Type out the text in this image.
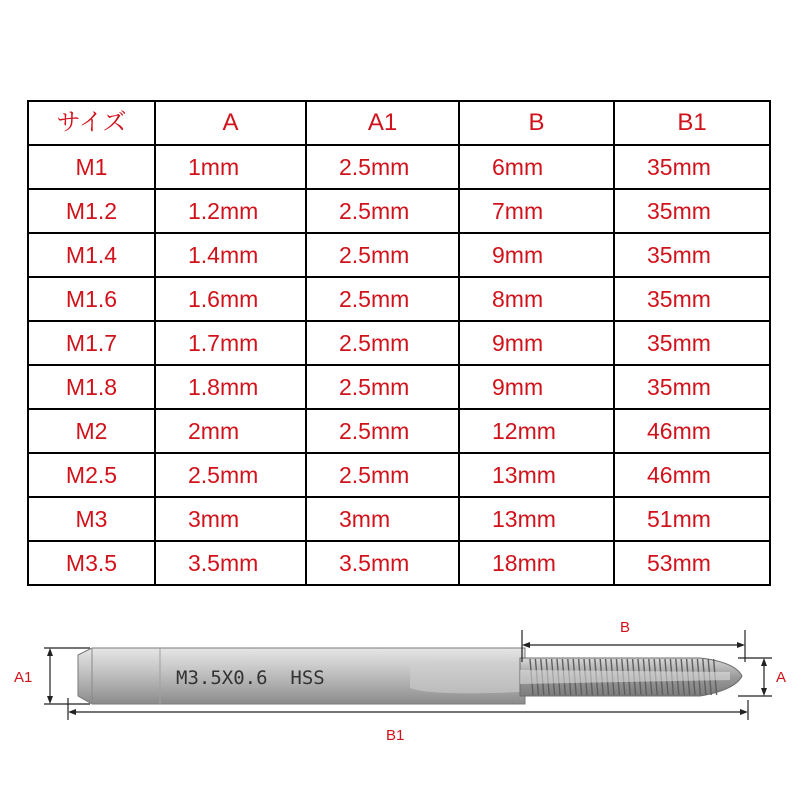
サイズ	A	A1	B	B1
M1	1mm	2.5mm	6mm	35mm
M1.2	1.2mm	2.5mm	7mm	35mm
M1.4	1.4mm	2.5mm	9mm	35mm
M1.6	1.6mm	2.5mm	8mm	35mm
M1.7	1.7mm	2.5mm	9mm	35mm
M1.8	1.8mm	2.5mm	9mm	35mm
M2	2mm	2.5mm	12mm	46mm
M2.5	2.5mm	2.5mm	13mm	46mm
M3	3mm	3mm	13mm	51mm
M3.5	3.5mm	3.5mm	18mm	53mm
M3.5X0.6  HSS
B
B1
A1	A
